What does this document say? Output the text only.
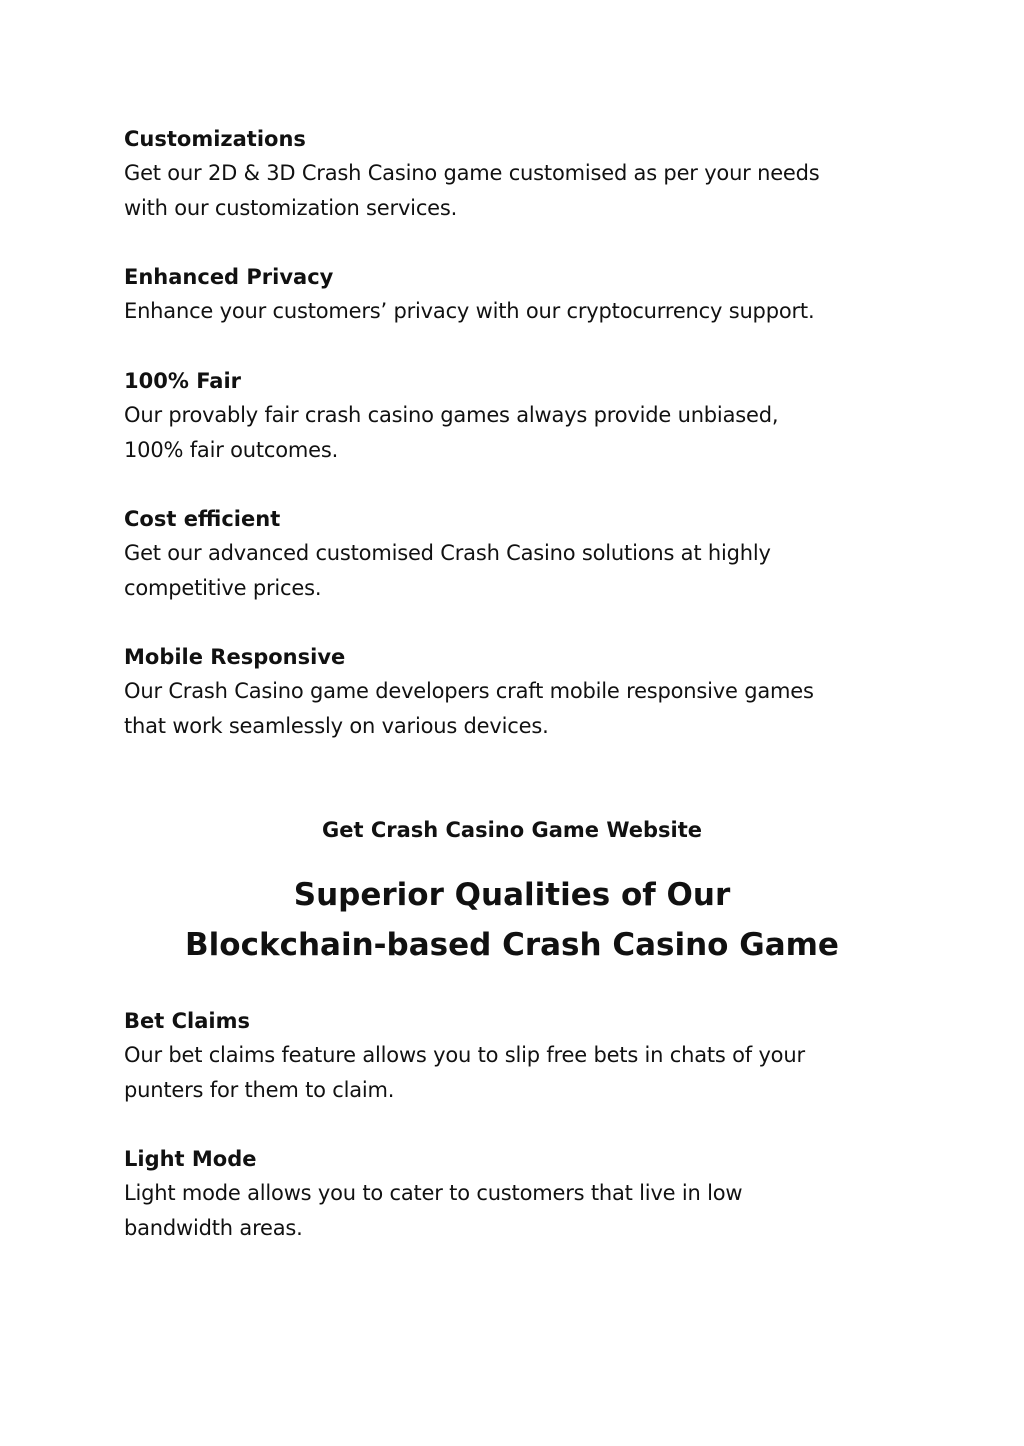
Customizations

Get our 2D & 3D Crash Casino game customised as per your needs

with our customization services.

Enhanced Privacy

Enhance your customers’ privacy with our cryptocurrency support.

100% Fair

Our provably fair crash casino games always provide unbiased,

100% fair outcomes.

Cost efficient

Get our advanced customised Crash Casino solutions at highly

competitive prices.

Mobile Responsive

Our Crash Casino game developers craft mobile responsive games

that work seamlessly on various devices.

Get Crash Casino Game Website

Superior Qualities of Our
Blockchain-based Crash Casino Game

Bet Claims

Our bet claims feature allows you to slip free bets in chats of your

punters for them to claim.

Light Mode

Light mode allows you to cater to customers that live in low

bandwidth areas.
